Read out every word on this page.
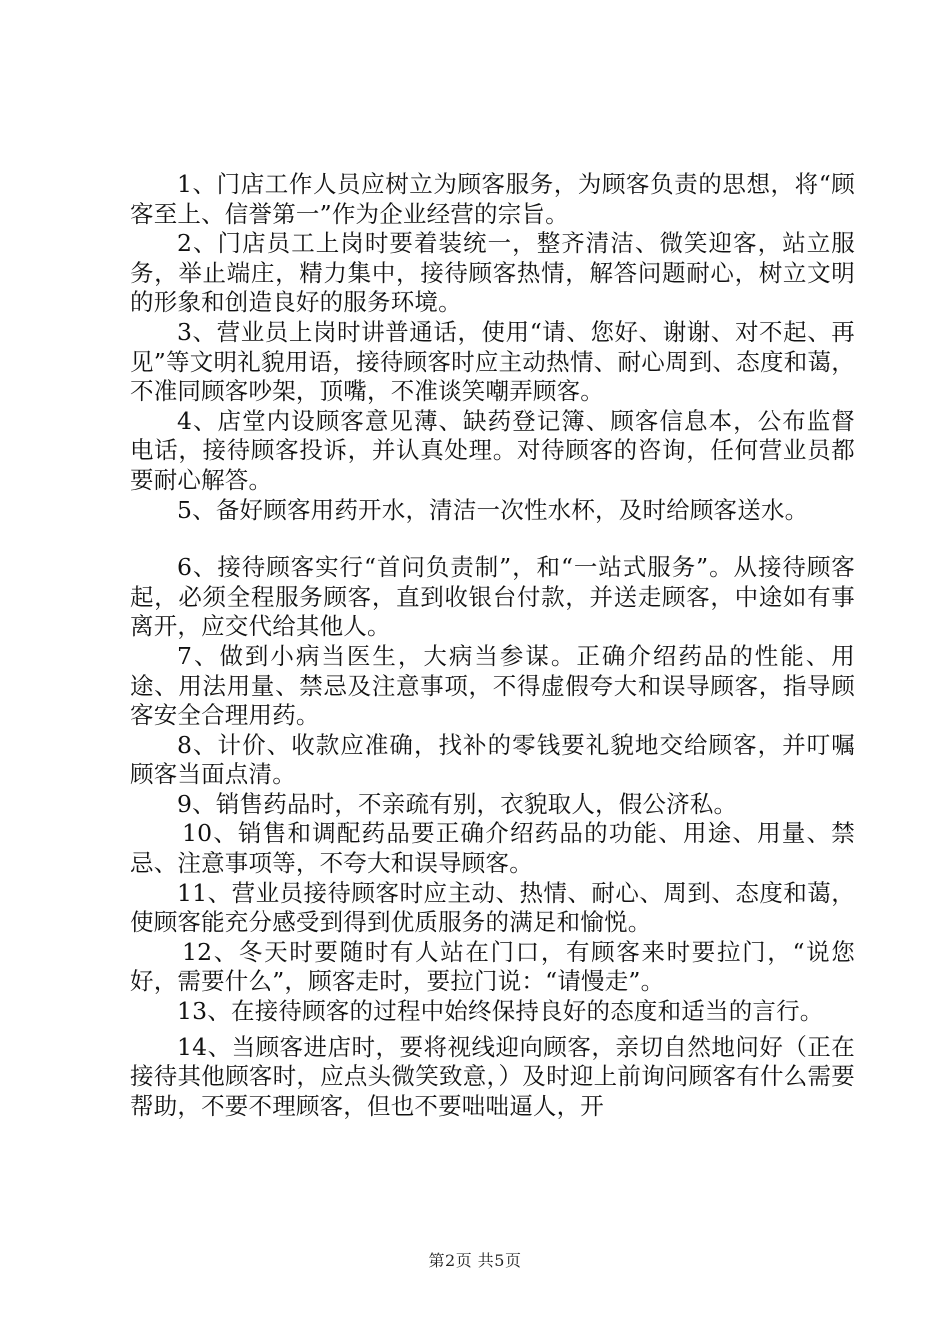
1、门店工作人员应树立为顾客服务，为顾客负责的思想，将“顾客至上、信誉第一”作为企业经营的宗旨。

2、门店员工上岗时要着装统一，整齐清洁、微笑迎客，站立服务，举止端庄，精力集中，接待顾客热情，解答问题耐心，树立文明的形象和创造良好的服务环境。

3、营业员上岗时讲普通话，使用“请、您好、谢谢、对不起、再见”等文明礼貌用语，接待顾客时应主动热情、耐心周到、态度和蔼，不准同顾客吵架，顶嘴，不准谈笑嘲弄顾客。

4、店堂内设顾客意见薄、缺药登记簿、顾客信息本，公布监督电话，接待顾客投诉，并认真处理。对待顾客的咨询，任何营业员都要耐心解答。

5、备好顾客用药开水，清洁一次性水杯，及时给顾客送水。

6、接待顾客实行“首问负责制”，和“一站式服务”。从接待顾客起，必须全程服务顾客，直到收银台付款，并送走顾客，中途如有事离开，应交代给其他人。

7、做到小病当医生，大病当参谋。正确介绍药品的性能、用途、用法用量、禁忌及注意事项，不得虚假夸大和误导顾客，指导顾客安全合理用药。

8、计价、收款应准确，找补的零钱要礼貌地交给顾客，并叮嘱顾客当面点清。

9、销售药品时，不亲疏有别，衣貌取人，假公济私。

10、销售和调配药品要正确介绍药品的功能、用途、用量、禁忌、注意事项等，不夸大和误导顾客。

11、营业员接待顾客时应主动、热情、耐心、周到、态度和蔼，使顾客能充分感受到得到优质服务的满足和愉悦。

12、冬天时要随时有人站在门口，有顾客来时要拉门，“说您好，需要什么”，顾客走时，要拉门说：“请慢走”。

13、在接待顾客的过程中始终保持良好的态度和适当的言行。

14、当顾客进店时，要将视线迎向顾客，亲切自然地问好（正在接待其他顾客时，应点头微笑致意，）及时迎上前询问顾客有什么需要帮助，不要不理顾客，但也不要咄咄逼人，开

第2页 共5页
